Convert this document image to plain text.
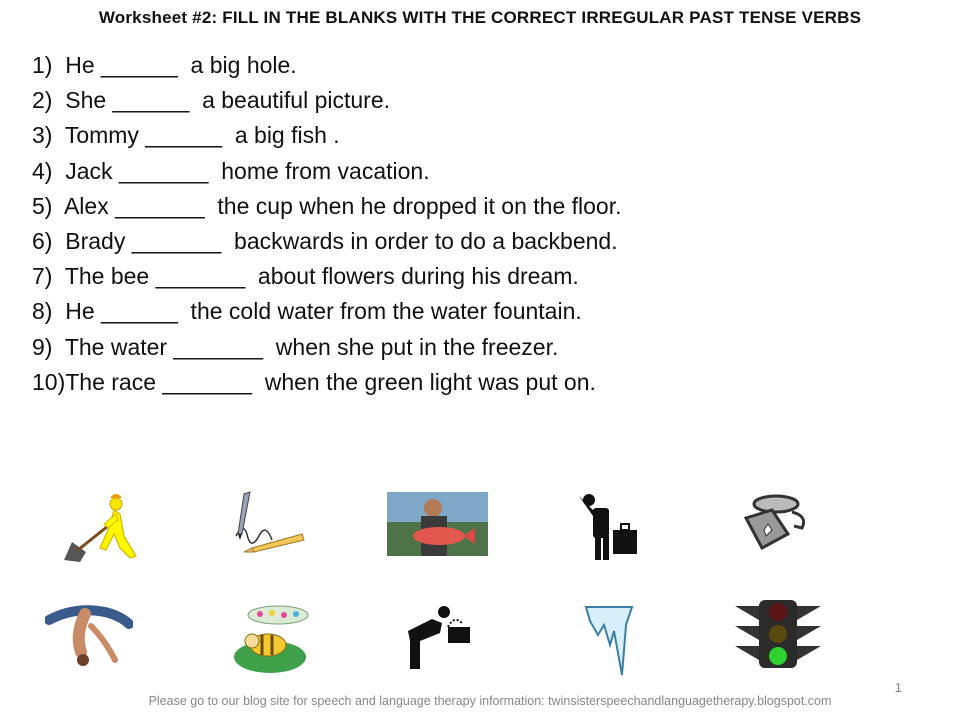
Worksheet #2: FILL IN THE BLANKS WITH THE CORRECT IRREGULAR PAST TENSE VERBS
1)  He ______  a big hole.
2)  She ______  a beautiful picture.
3)  Tommy ______  a big fish .
4)  Jack _______  home from vacation.
5)  Alex _______  the cup when he dropped it on the floor.
6)  Brady _______  backwards in order to do a backbend.
7)  The bee _______  about flowers during his dream.
8)  He ______  the cold water from the water fountain.
9)  The water _______  when she put in the freezer.
10)The race _______  when the green light was put on.
Please go to our blog site for speech and language therapy information: twinsisterspeechandlanguagetherapy.blogspot.com
1
